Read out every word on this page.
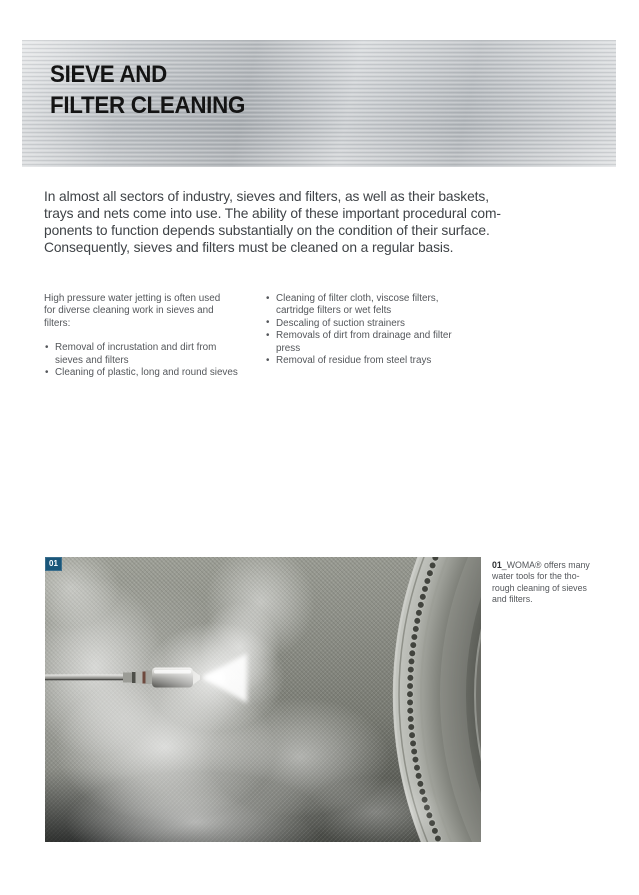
SIEVE AND
FILTER CLEANING
In almost all sectors of industry, sieves and filters, as well as their baskets,
trays and nets come into use. The ability of these important procedural com-
ponents to function depends substantially on the condition of their surface.
Consequently, sieves and filters must be cleaned on a regular basis.

High pressure water jetting is often used
for diverse cleaning work in sieves and
filters:

• Removal of incrustation and dirt from
sieves and filters
• Cleaning of plastic, long and round sieves
• Cleaning of filter cloth, viscose filters,
cartridge filters or wet felts
• Descaling of suction strainers
• Removals of dirt from drainage and filter
press
• Removal of residue from steel trays
01	01_WOMA® offers many
water tools for the tho-
rough cleaning of sieves
and filters.
